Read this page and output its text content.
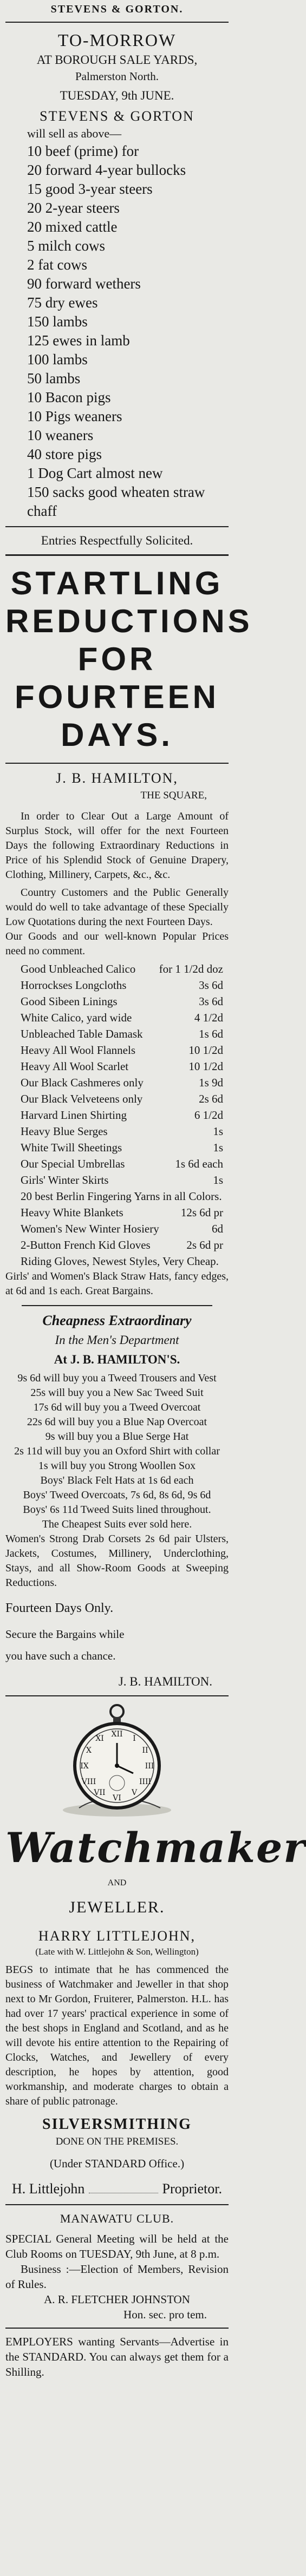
STEVENS & GORTON.
TO-MORROW
AT BOROUGH SALE YARDS,
Palmerston North.
TUESDAY, 9th JUNE.
STEVENS & GORTON
will sell as above—
10 beef (prime) for
20 forward 4-year bullocks
15 good 3-year steers
20 2-year steers
20 mixed cattle
5 milch cows
2 fat cows
90 forward wethers
75 dry ewes
150 lambs
125 ewes in lamb
100 lambs
50 lambs
10 Bacon pigs
10 Pigs weaners
10 weaners
40 store pigs
1 Dog Cart almost new
150 sacks good wheaten straw chaff
Entries Respectfully Solicited.
STARTLING
REDUCTIONS
FOR
FOURTEEN
DAYS.
J. B. HAMILTON,
THE SQUARE,

In order to Clear Out a Large Amount of Surplus Stock, will offer for the next Fourteen Days the following Extraordinary Reductions in Price of his Splendid Stock of Genuine Drapery, Clothing, Millinery, Carpets, &c., &c.

Country Customers and the Public Generally would do well to take advantage of these Specially Low Quotations during the next Fourteen Days.

Our Goods and our well-known Popular Prices need no comment.

Good Unbleached Calico for 1 1/2d doz
Horrockses Longcloths	3s 6d
Good Sibeen Linings	3s 6d
White Calico, yard wide	4 1/2d
Unbleached Table Damask	1s 6d
Heavy All Wool Flannels	10 1/2d
Heavy All Wool Scarlet	10 1/2d
Our Black Cashmeres only	1s 9d
Our Black Velveteens only	2s 6d
Harvard Linen Shirting	6 1/2d
Heavy Blue Serges	1s
White Twill Sheetings	1s
Our Special Umbrellas	1s 6d each
Girls' Winter Skirts	1s
20 best Berlin Fingering Yarns in all Colors.
Heavy White Blankets	12s 6d pr
Women's New Winter Hosiery	6d
2-Button French Kid Gloves	2s 6d pr
Riding Gloves, Newest Styles, Very Cheap.

Girls' and Women's Black Straw Hats, fancy edges, at 6d and 1s each. Great Bargains.

Cheapness Extraordinary
In the Men's Department
At J. B. HAMILTON'S.
9s 6d will buy you a Tweed Trousers and Vest
25s will buy you a New Sac Tweed Suit
17s 6d will buy you a Tweed Overcoat
22s 6d will buy you a Blue Nap Overcoat
9s will buy you a Blue Serge Hat
2s 11d will buy you an Oxford Shirt with collar
1s will buy you Strong Woollen Sox
Boys' Black Felt Hats at 1s 6d each
Boys' Tweed Overcoats, 7s 6d, 8s 6d, 9s 6d
Boys' 6s 11d Tweed Suits lined throughout.
The Cheapest Suits ever sold here.

Women's Strong Drab Corsets 2s 6d pair Ulsters, Jackets, Costumes, Millinery, Underclothing, Stays, and all Show-Room Goods at Sweeping Reductions.

Fourteen Days Only.
Secure the Bargains while
you have such a chance.
J. B. HAMILTON.
XII I
II
III
IIII
V
VI
VII
VIII
IX
X
XI
Watchmaker
AND
JEWELLER.
HARRY LITTLEJOHN,
(Late with W. Littlejohn & Son, Wellington)

BEGS to intimate that he has commenced the business of Watchmaker and Jeweller in that shop next to Mr Gordon, Fruiterer, Palmerston. H.L. has had over 17 years' practical experience in some of the best shops in England and Scotland, and as he will devote his entire attention to the Repairing of Clocks, Watches, and Jewellery of every description, he hopes by attention, good workmanship, and moderate charges to obtain a share of public patronage.

SILVERSMITHING
DONE ON THE PREMISES.
(Under STANDARD Office.)
H. Littlejohn	Proprietor.
MANAWATU CLUB.

SPECIAL General Meeting will be held at the Club Rooms on TUESDAY, 9th June, at 8 p.m.

Business :—Election of Members, Revision of Rules.

A. R. FLETCHER JOHNSTON
Hon. sec. pro tem.

EMPLOYERS wanting Servants—Advertise in the STANDARD. You can always get them for a Shilling.
